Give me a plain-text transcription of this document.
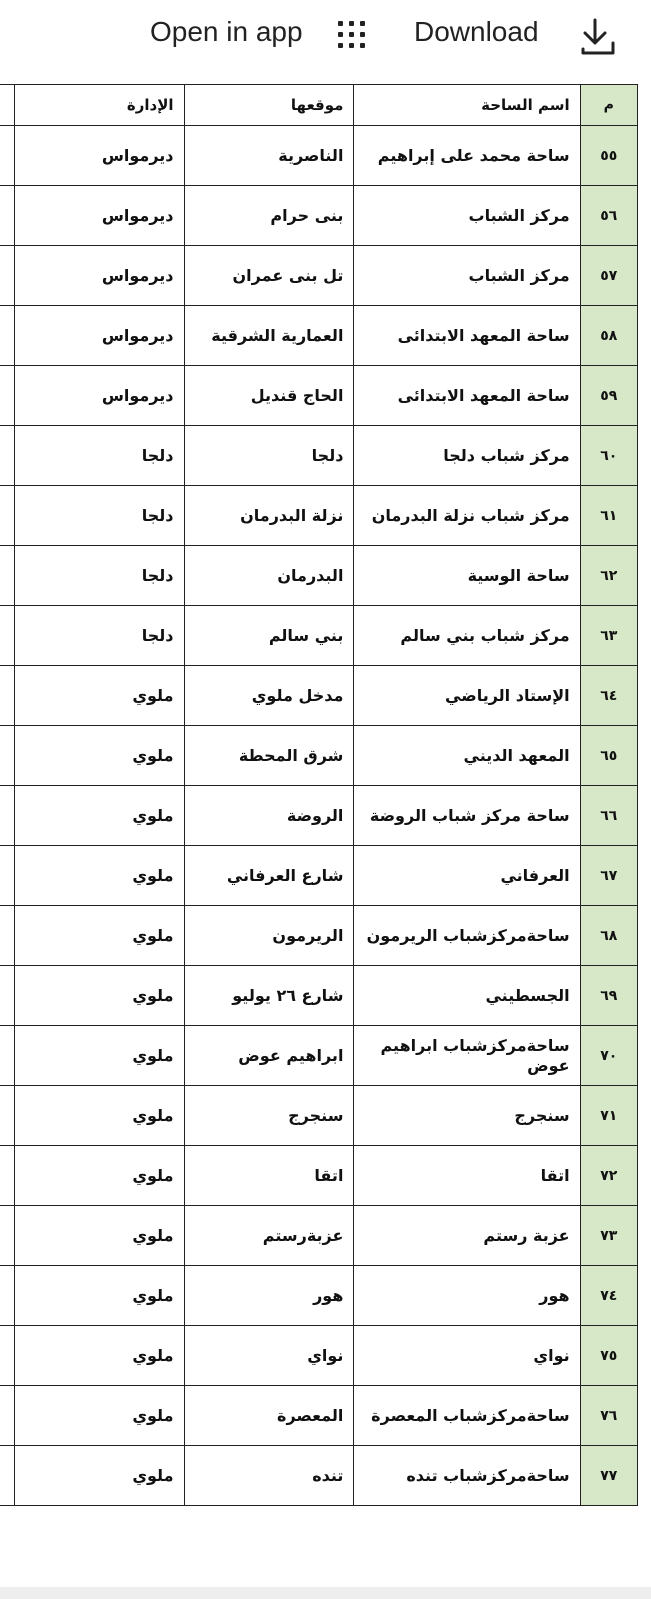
Open in app	Download
م	اسم الساحة	موقعها	الإدارة	
٥٥	ساحة محمد على إبراهيم	الناصرية	ديرمواس	
٥٦	مركز الشباب	بنى حرام	ديرمواس	
٥٧	مركز الشباب	تل بنى عمران	ديرمواس	
٥٨	ساحة المعهد الابتدائى	العمارية الشرقية	ديرمواس	
٥٩	ساحة المعهد الابتدائى	الحاج قنديل	ديرمواس	
٦٠	مركز شباب دلجا	دلجا	دلجا	
٦١	مركز شباب نزلة البدرمان	نزلة البدرمان	دلجا	
٦٢	ساحة الوسية	البدرمان	دلجا	
٦٣	مركز شباب بني سالم	بني سالم	دلجا	
٦٤	الإستاد الرياضي	مدخل ملوي	ملوي	
٦٥	المعهد الديني	شرق المحطة	ملوي	
٦٦	ساحة مركز شباب الروضة	الروضة	ملوي	
٦٧	العرفاني	شارع العرفاني	ملوي	
٦٨	ساحةمركزشباب الريرمون	الريرمون	ملوي	
٦٩	الجسطيني	شارع ٢٦ يوليو	ملوي	
٧٠	ساحةمركزشباب ابراهيم عوض	ابراهيم عوض	ملوي	
٧١	سنجرج	سنجرج	ملوي	
٧٢	اتقا	اتقا	ملوي	
٧٣	عزبة رستم	عزبةرستم	ملوي	
٧٤	هور	هور	ملوي	
٧٥	نواي	نواي	ملوي	
٧٦	ساحةمركزشباب المعصرة	المعصرة	ملوي	
٧٧	ساحةمركزشباب تنده	تنده	ملوي	
